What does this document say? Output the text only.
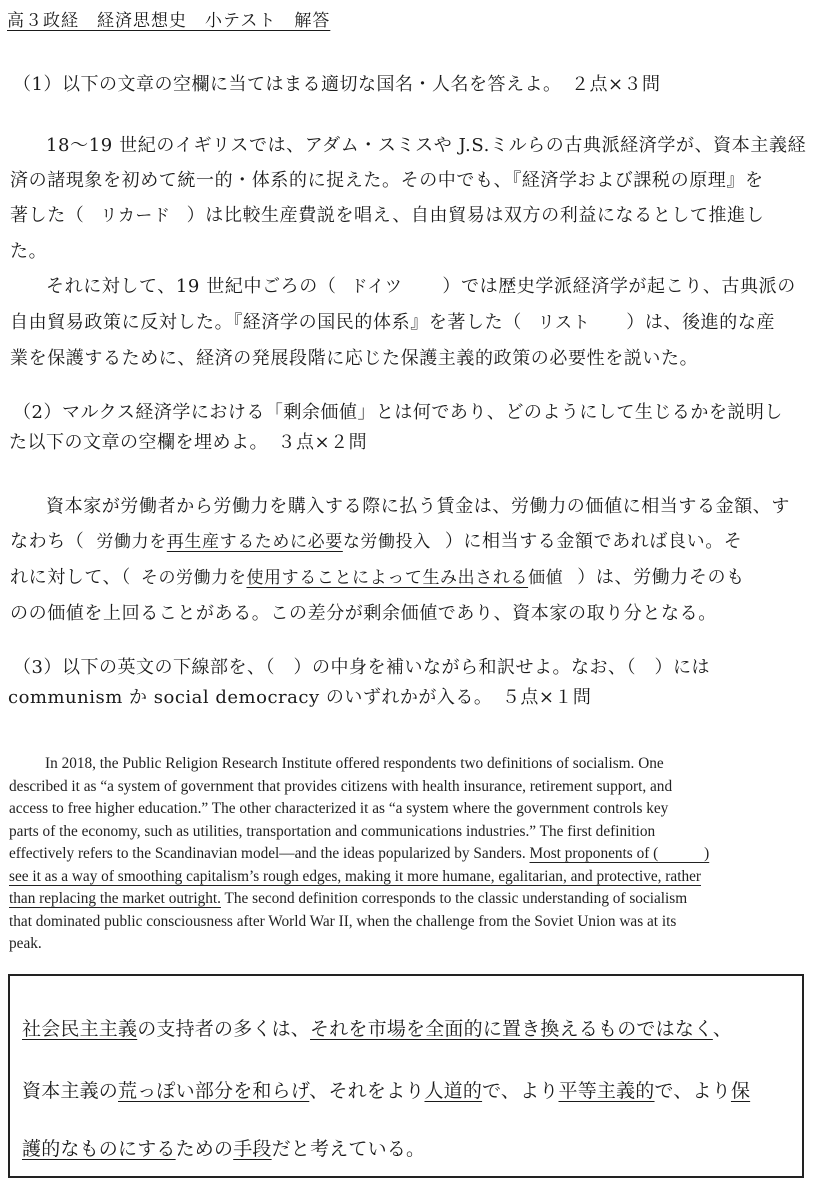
高３政経　経済思想史　小テスト　解答
（1）以下の文章の空欄に当てはまる適切な国名・人名を答えよ。　２点×３問
18〜19 世紀のイギリスでは、アダム・スミスや J.S.ミルらの古典派経済学が、資本主義経
済の諸現象を初めて統一的・体系的に捉えた。その中でも、『経済学および課税の原理』を
著した（ リカード ）は比較生産費説を唱え、自由貿易は双方の利益になるとして推進し
た。
それに対して、19 世紀中ごろの（ ドイツ ）では歴史学派経済学が起こり、古典派の
自由貿易政策に反対した。『経済学の国民的体系』を著した（ リスト ）は、後進的な産
業を保護するために、経済の発展段階に応じた保護主義的政策の必要性を説いた。
（2）マルクス経済学における「剰余価値」とは何であり、どのようにして生じるかを説明し
た以下の文章の空欄を埋めよ。　３点×２問
資本家が労働者から労働力を購入する際に払う賃金は、労働力の価値に相当する金額、す
なわち（ 労働力を再生産するために必要な労働投入 ）に相当する金額であれば良い。そ
れに対して、（ その労働力を使用することによって生み出される価値 ）は、労働力そのも
のの価値を上回ることがある。この差分が剰余価値であり、資本家の取り分となる。
（3）以下の英文の下線部を、（　）の中身を補いながら和訳せよ。なお、（　）には
communism か social democracy のいずれかが入る。　５点×１問
In 2018, the Public Religion Research Institute offered respondents two definitions of socialism. One
described it as “a system of government that provides citizens with health insurance, retirement support, and
access to free higher education.” The other characterized it as “a system where the government controls key
parts of the economy, such as utilities, transportation and communications industries.” The first definition
effectively refers to the Scandinavian model—and the ideas popularized by Sanders. Most proponents of (　　　)
see it as a way of smoothing capitalism’s rough edges, making it more humane, egalitarian, and protective, rather
than replacing the market outright. The second definition corresponds to the classic understanding of socialism
that dominated public consciousness after World War II, when the challenge from the Soviet Union was at its
peak.
社会民主主義の支持者の多くは、それを市場を全面的に置き換えるものではなく、
資本主義の荒っぽい部分を和らげ、それをより人道的で、より平等主義的で、より保
護的なものにするための手段だと考えている。
